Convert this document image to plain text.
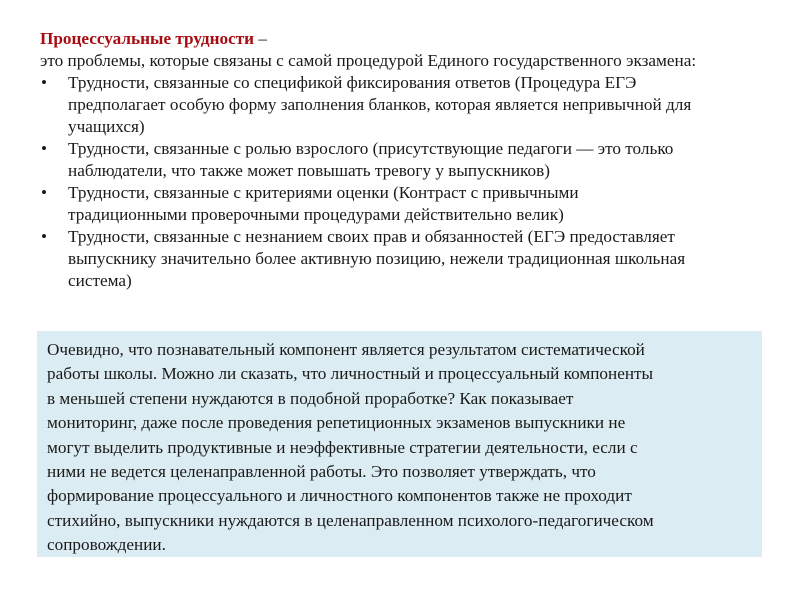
Процессуальные трудности –
это проблемы, которые связаны с самой процедурой Единого государственного экзамена:
• Трудности, связанные со спецификой фиксирования ответов (Процедура ЕГЭ
предполагает особую форму заполнения бланков, которая является непривычной для
учащихся)
• Трудности, связанные с ролью взрослого (присутствующие педагоги — это только
наблюдатели, что также может повышать тревогу у выпускников)
• Трудности, связанные с критериями оценки (Контраст с привычными
традиционными проверочными процедурами действительно велик)
• Трудности, связанные с незнанием своих прав и обязанностей (ЕГЭ предоставляет
выпускнику значительно более активную позицию, нежели традиционная школьная
система)
Очевидно, что познавательный компонент является результатом систематической
работы школы. Можно ли сказать, что личностный и процессуальный компоненты
в меньшей степени нуждаются в подобной проработке? Как показывает
мониторинг, даже после проведения репетиционных экзаменов выпускники не
могут выделить продуктивные и неэффективные стратегии деятельности, если с
ними не ведется целенаправленной работы. Это позволяет утверждать, что
формирование процессуального и личностного компонентов также не проходит
стихийно, выпускники нуждаются в целенаправленном психолого-педагогическом
сопровождении.
